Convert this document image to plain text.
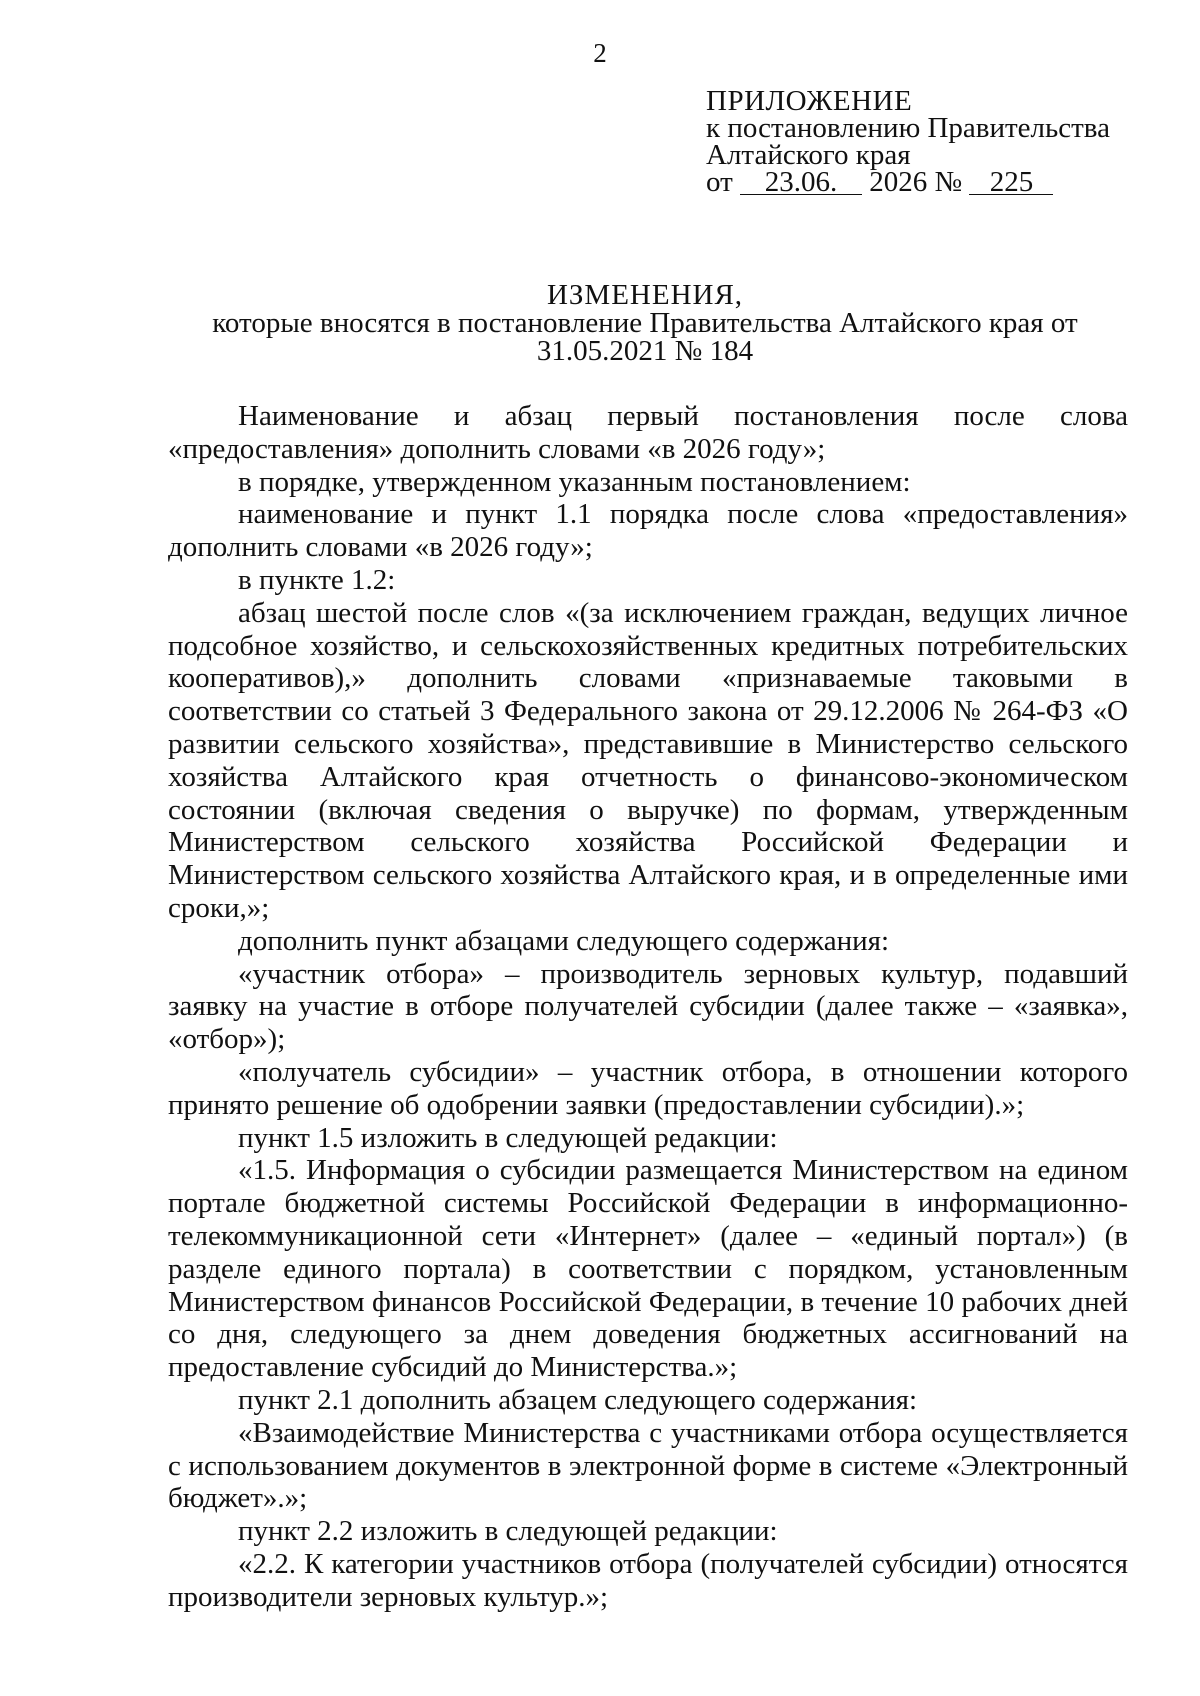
2
ПРИЛОЖЕНИЕ
к постановлению Правительства
Алтайского края
от 23.06. 2026 № 225
ИЗМЕНЕНИЯ,
которые вносятся в постановление Правительства Алтайского края от
31.05.2021 № 184

Наименование и абзац первый постановления после слова «предоставления» дополнить словами «в 2026 году»;

в порядке, утвержденном указанным постановлением:

наименование и пункт 1.1 порядка после слова «предоставления» дополнить словами «в 2026 году»;

в пункте 1.2:

абзац шестой после слов «(за исключением граждан, ведущих личное подсобное хозяйство, и сельскохозяйственных кредитных потребительских кооперативов),» дополнить словами «признаваемые таковыми в соответствии со статьей 3 Федерального закона от 29.12.2006 № 264-ФЗ «О развитии сельского хозяйства», представившие в Министерство сельского хозяйства Алтайского края отчетность о финансово-экономическом состоянии (включая сведения о выручке) по формам, утвержденным Министерством сельского хозяйства Российской Федерации и Министерством сельского хозяйства Алтайского края, и в определенные ими сроки,»;

дополнить пункт абзацами следующего содержания:

«участник отбора» – производитель зерновых культур, подавший заявку на участие в отборе получателей субсидии (далее также – «заявка», «отбор»);

«получатель субсидии» – участник отбора, в отношении которого принято решение об одобрении заявки (предоставлении субсидии).»;

пункт 1.5 изложить в следующей редакции:

«1.5. Информация о субсидии размещается Министерством на едином портале бюджетной системы Российской Федерации в информационно-телекоммуникационной сети «Интернет» (далее – «единый портал») (в разделе единого портала) в соответствии с порядком, установленным Министерством финансов Российской Федерации, в течение 10 рабочих дней со дня, следующего за днем доведения бюджетных ассигнований на предоставление субсидий до Министерства.»;

пункт 2.1 дополнить абзацем следующего содержания:

«Взаимодействие Министерства с участниками отбора осуществляется с использованием документов в электронной форме в системе «Электронный бюджет».»;

пункт 2.2 изложить в следующей редакции:

«2.2. К категории участников отбора (получателей субсидии) относятся производители зерновых культур.»;
